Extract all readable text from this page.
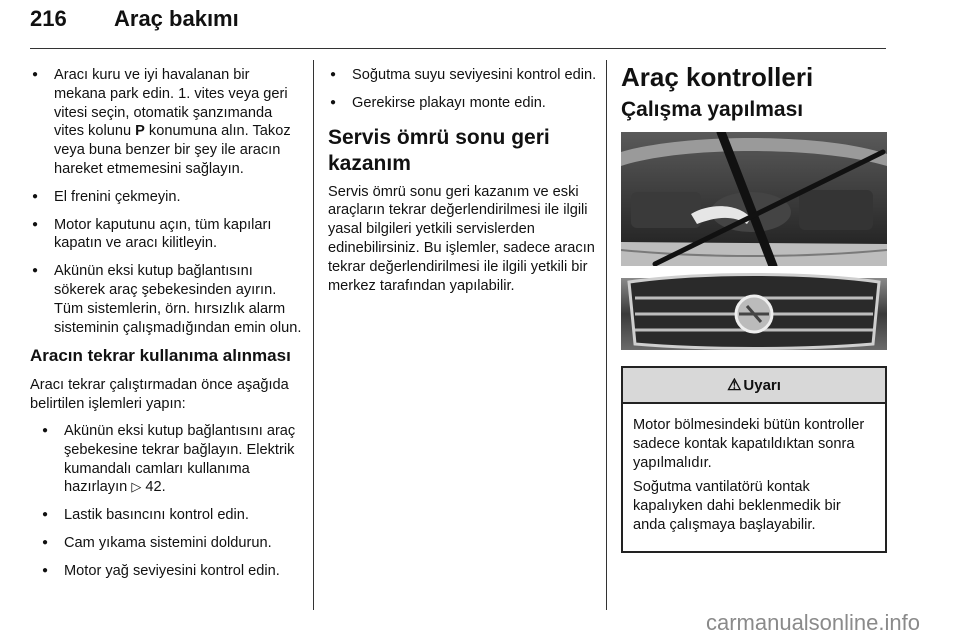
216 Araç bakımı
● Aracı kuru ve iyi havalanan bir mekana park edin. 1. vites veya geri vitesi seçin, otomatik şanzımanda vites kolunu P konumuna alın. Takoz veya buna benzer bir şey ile aracın hareket etmemesini sağlayın.
● El frenini çekmeyin.
● Motor kaputunu açın, tüm kapıları kapatın ve aracı kilitleyin.
● Akünün eksi kutup bağlantısını sökerek araç şebekesinden ayırın. Tüm sistemlerin, örn. hırsızlık alarm sisteminin çalışmadığından emin olun.
Aracın tekrar kullanıma alınması
Aracı tekrar çalıştırmadan önce aşağıda belirtilen işlemleri yapın:
● Akünün eksi kutup bağlantısını araç şebekesine tekrar bağlayın. Elektrik kumandalı camları kullanıma hazırlayın ▷ 42.
● Lastik basıncını kontrol edin.
● Cam yıkama sistemini doldurun.
● Motor yağ seviyesini kontrol edin.
● Soğutma suyu seviyesini kontrol edin.
● Gerekirse plakayı monte edin.
Servis ömrü sonu geri kazanım
Servis ömrü sonu geri kazanım ve eski araçların tekrar değerlendirilmesi ile ilgili yasal bilgileri yetkili servislerden edinebilirsiniz. Bu işlemler, sadece aracın tekrar değerlendirilmesi ile ilgili yetkili bir merkez tarafından yapılabilir.
Araç kontrolleri
Çalışma yapılması
⚠ Uyarı

Motor bölmesindeki bütün kontroller sadece kontak kapatıldıktan sonra yapılmalıdır.

Soğutma vantilatörü kontak kapalıyken dahi beklenmedik bir anda çalışmaya başlayabilir.

carmanualsonline.info
